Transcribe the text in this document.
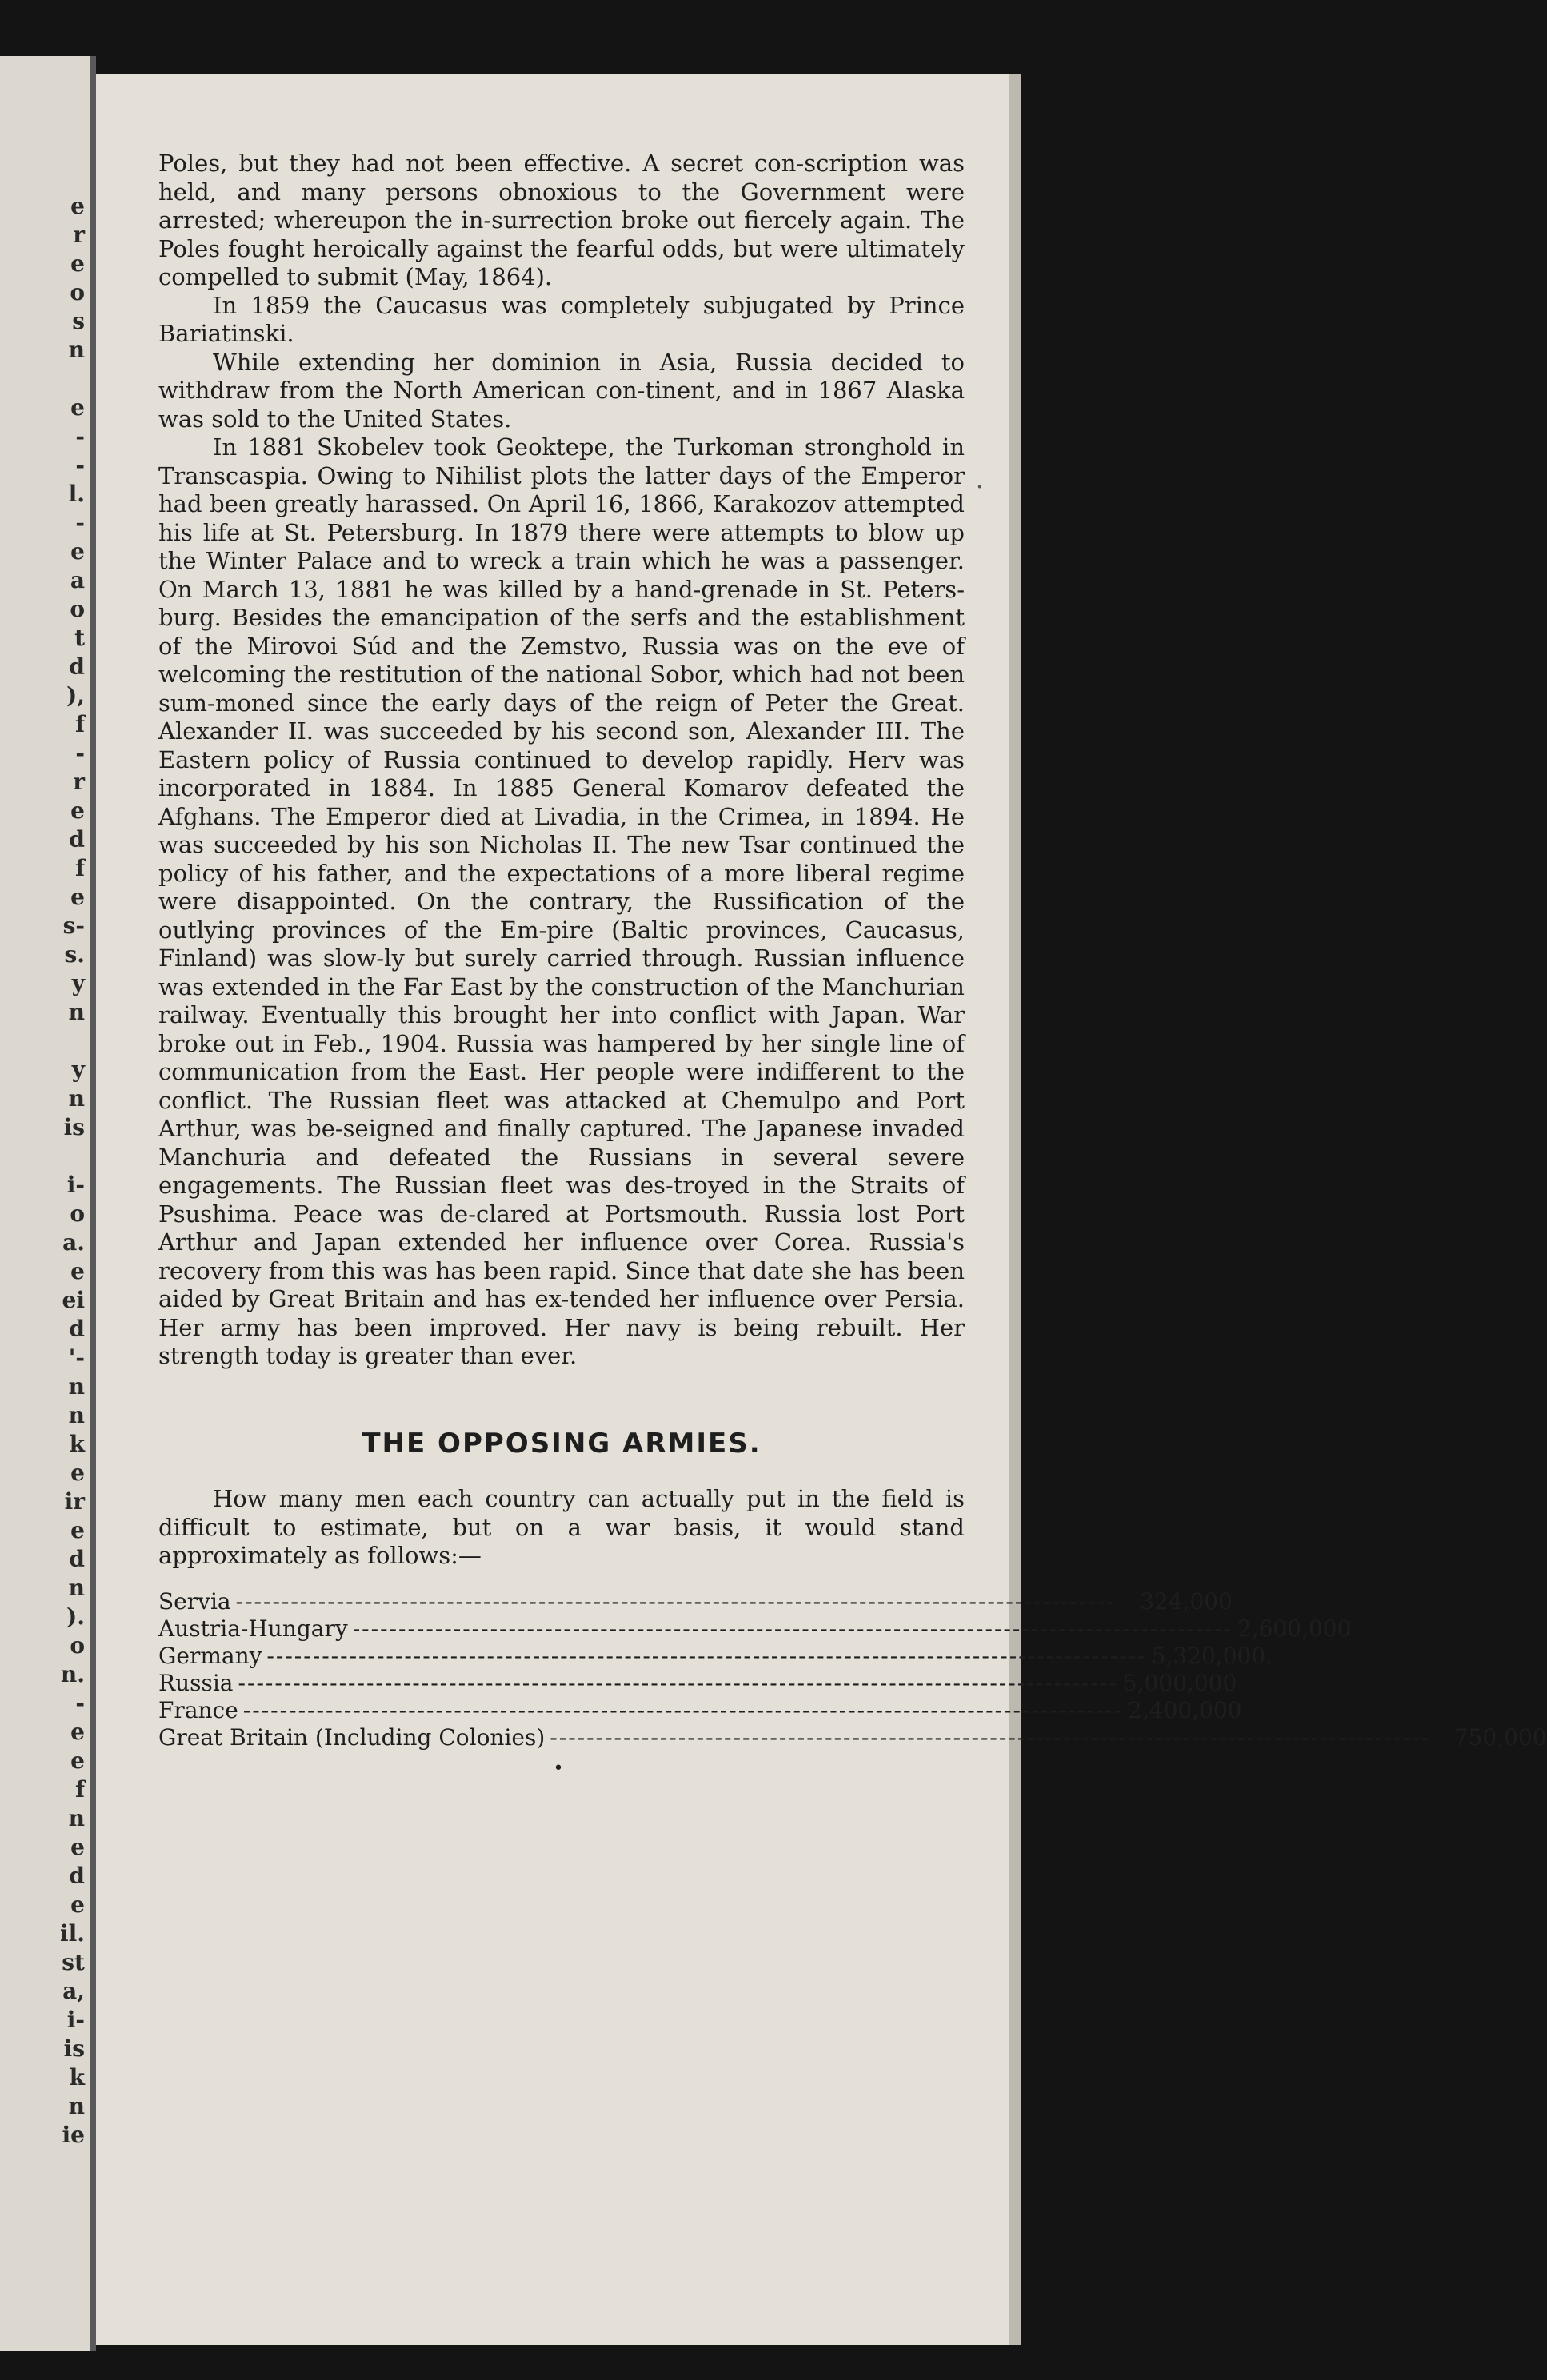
e
r
e
o
s
n
e
-
-
l.
-
e
a
o
t
d
),
f
-
r
e
d
f
e
s-
s.
y
n
y
n
is
i-
o
a.
e
ei
d
'-
n
n
k
e
ir
e
d
n
).
o
n.
-
e
e
f
n
e
d
e
il.
st
a,
i-
is
k
n
ie

Poles, but they had not been effective. A secret con-scription was held, and many persons obnoxious to the Government were arrested; whereupon the in-surrection broke out fiercely again. The Poles fought heroically against the fearful odds, but were ultimately compelled to submit (May, 1864).

In 1859 the Caucasus was completely subjugated by Prince Bariatinski.

While extending her dominion in Asia, Russia decided to withdraw from the North American con-tinent, and in 1867 Alaska was sold to the United States.

In 1881 Skobelev took Geoktepe, the Turkoman stronghold in Transcaspia. Owing to Nihilist plots the latter days of the Emperor had been greatly harassed. On April 16, 1866, Karakozov attempted his life at St. Petersburg. In 1879 there were attempts to blow up the Winter Palace and to wreck a train which he was a passenger. On March 13, 1881 he was killed by a hand-grenade in St. Peters-burg. Besides the emancipation of the serfs and the establishment of the Mirovoi Súd and the Zemstvo, Russia was on the eve of welcoming the restitution of the national Sobor, which had not been sum-moned since the early days of the reign of Peter the Great. Alexander II. was succeeded by his second son, Alexander III. The Eastern policy of Russia continued to develop rapidly. Herv was incorporated in 1884. In 1885 General Komarov defeated the Afghans. The Emperor died at Livadia, in the Crimea, in 1894. He was succeeded by his son Nicholas II. The new Tsar continued the policy of his father, and the expectations of a more liberal regime were disappointed. On the contrary, the Russification of the outlying provinces of the Em-pire (Baltic provinces, Caucasus, Finland) was slow-ly but surely carried through. Russian influence was extended in the Far East by the construction of the Manchurian railway. Eventually this brought her into conflict with Japan. War broke out in Feb., 1904. Russia was hampered by her single line of communication from the East. Her people were indifferent to the conflict. The Russian fleet was attacked at Chemulpo and Port Arthur, was be-seigned and finally captured. The Japanese invaded Manchuria and defeated the Russians in several severe engagements. The Russian fleet was des-troyed in the Straits of Psushima. Peace was de-clared at Portsmouth. Russia lost Port Arthur and Japan extended her influence over Corea. Russia's recovery from this was has been rapid. Since that date she has been aided by Great Britain and has ex-tended her influence over Persia. Her army has been improved. Her navy is being rebuilt. Her strength today is greater than ever.

THE OPPOSING ARMIES.

How many men each country can actually put in the field is difficult to estimate, but on a war basis, it would stand approximately as follows:—

Servia ------------------------------------------------------------------------------------------------	324,000
Austria-Hungary ------------------------------------------------------------------------------------------------ 2,600,000
Germany ------------------------------------------------------------------------------------------------ 5,320,000.
Russia ------------------------------------------------------------------------------------------------ 5,000,000
France ------------------------------------------------------------------------------------------------ 2,400,000
Great Britain (Including Colonies) ------------------------------------------------------------------------------------------------	750,000
•
·
